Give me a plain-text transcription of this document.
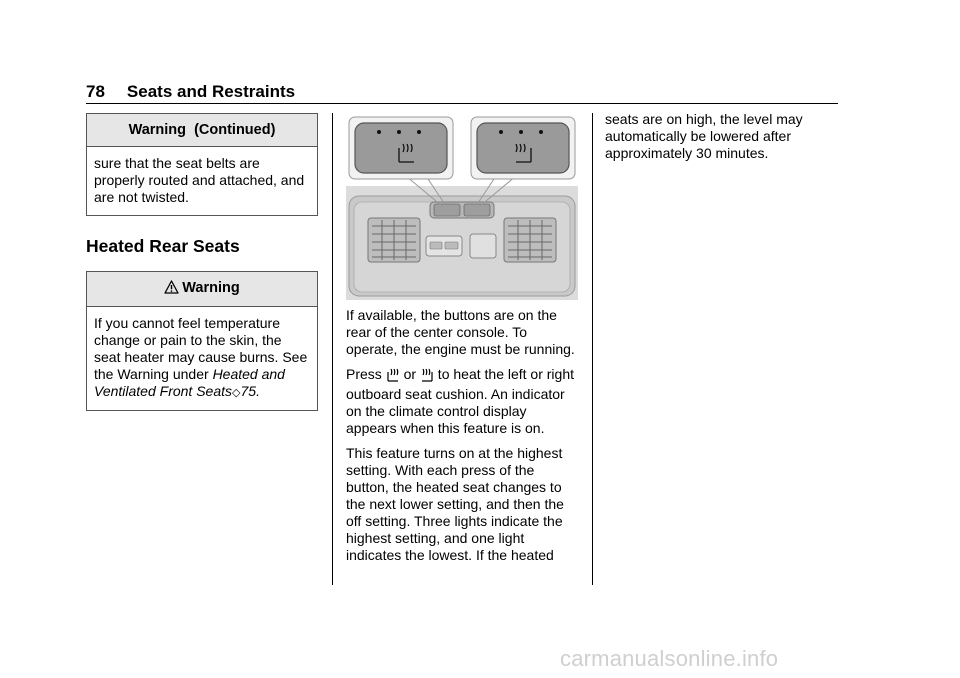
78 Seats and Restraints
Warning  (Continued)

sure that the seat belts are properly routed and attached, and are not twisted.

Heated Rear Seats
Warning

If you cannot feel temperature change or pain to the skin, the seat heater may cause burns. See the Warning under Heated and Ventilated Front Seats◇75.

If available, the buttons are on the rear of the center console. To operate, the engine must be running.

Press  or  to heat the left or right outboard seat cushion. An indicator on the climate control display appears when this feature is on.

This feature turns on at the highest setting. With each press of the button, the heated seat changes to the next lower setting, and then the off setting. Three lights indicate the highest setting, and one light indicates the lowest. If the heated

seats are on high, the level may automatically be lowered after approximately 30 minutes.

carmanualsonline.info
